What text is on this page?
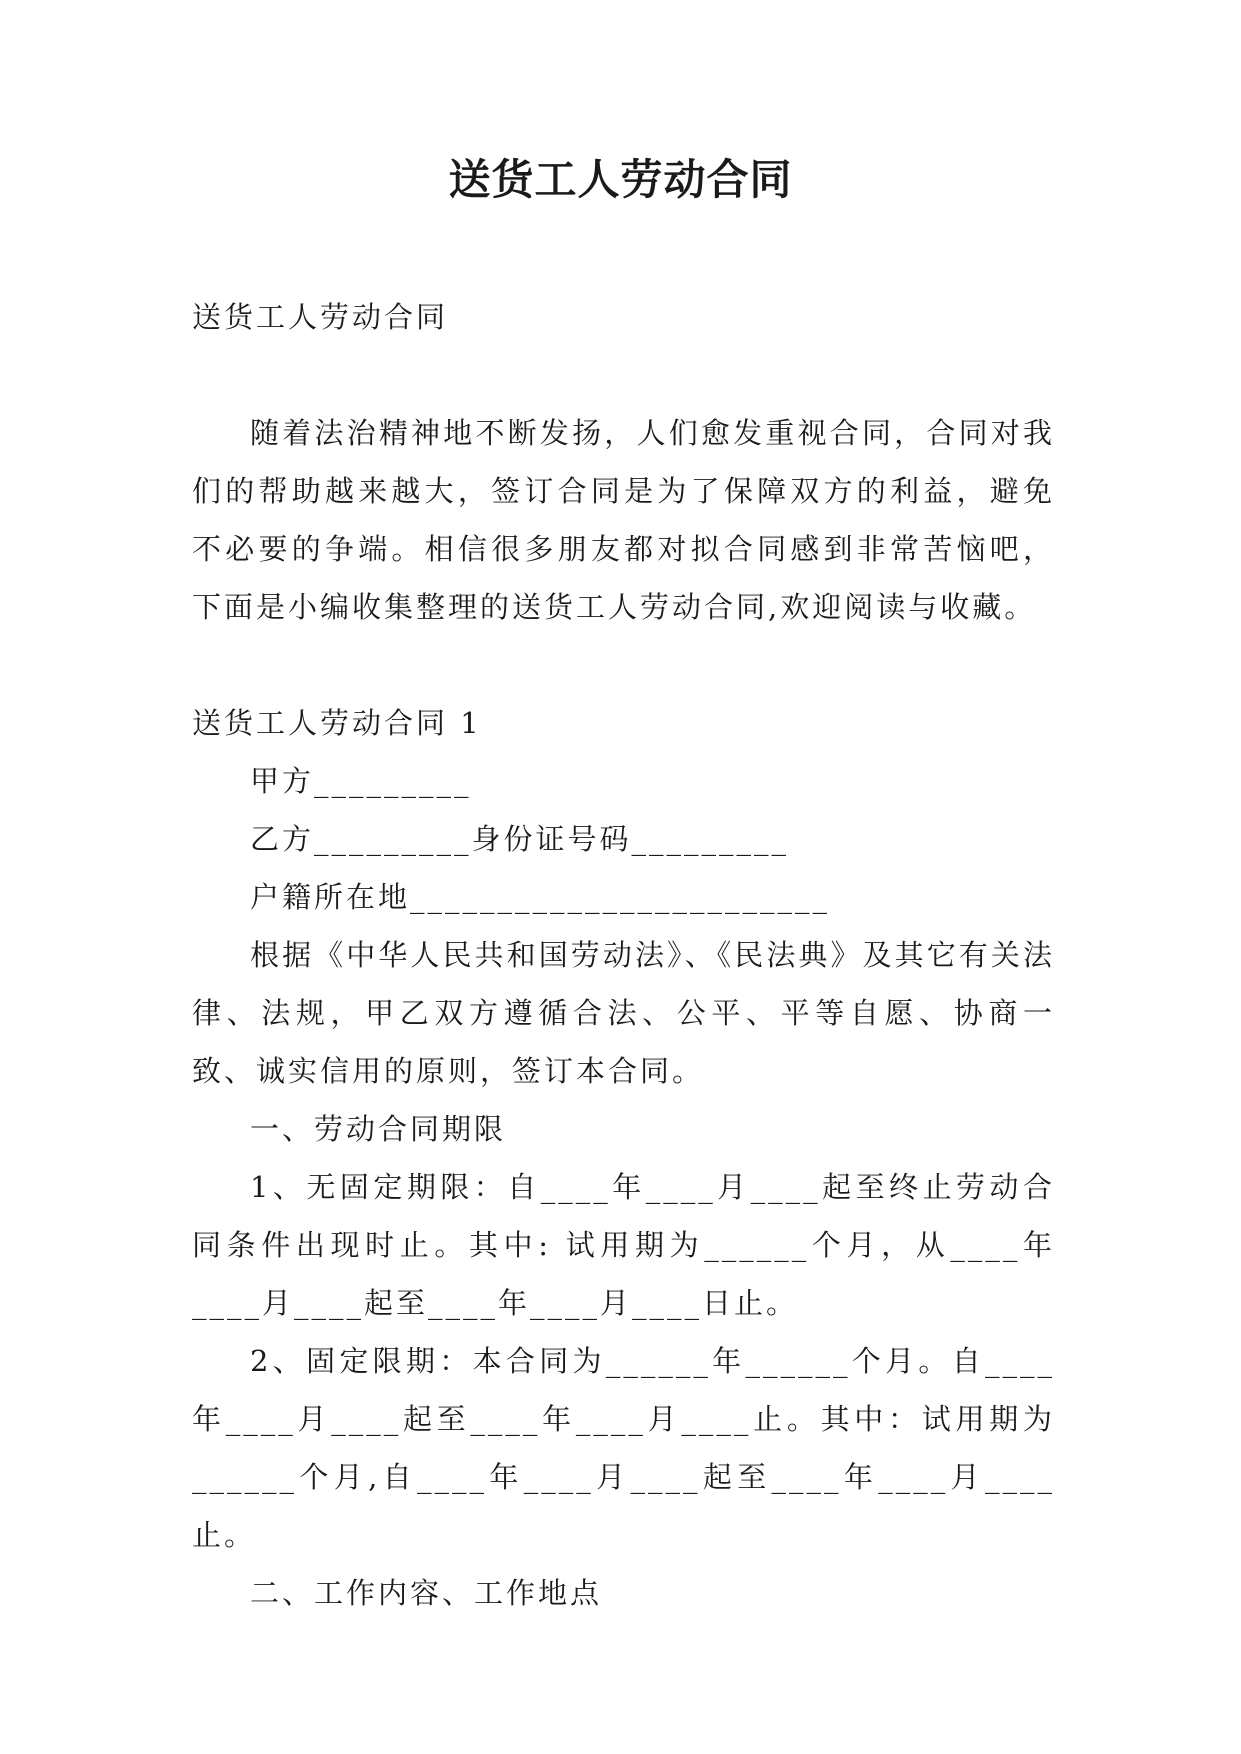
送货工人劳动合同

送货工人劳动合同

随着法治精神地不断发扬，人们愈发重视合同，合同对我们的帮助越来越大，签订合同是为了保障双方的利益，避免不必要的争端。相信很多朋友都对拟合同感到非常苦恼吧，下面是小编收集整理的送货工人劳动合同,欢迎阅读与收藏。

送货工人劳动合同 1

甲方_________

乙方_________身份证号码_________

户籍所在地________________________

根据《中华人民共和国劳动法》、《民法典》及其它有关法律、法规，甲乙双方遵循合法、公平、平等自愿、协商一致、诚实信用的原则，签订本合同。

一、劳动合同期限

1、无固定期限：自____年____月____起至终止劳动合同条件出现时止。其中: 试用期为______个月，从____年____月____起至____年____月____日止。

2、固定限期：本合同为______年______个月。自____年____月____起至____年____月____止。其中：试用期为______个月,自____年____月____起至____年____月____止。

二、工作内容、工作地点
